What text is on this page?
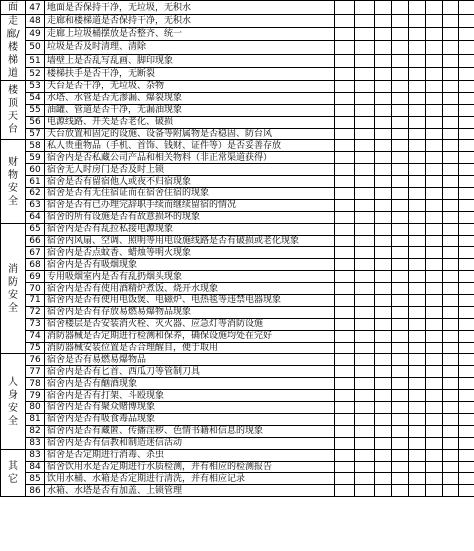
面	47	地面是否保持干净，无垃圾，无积水								
走廊/楼梯道	48	走廊和楼梯道是否保持干净，无积水								
	49	走廊上垃圾桶摆放是否整齐、统一								
	50	垃圾是否及时清理、清除								
	51	墙壁上是否乱写乱画、脚印现象								
	52	楼梯扶手是否干净，无断裂								
楼顶天台	53	天台是否干净，无垃圾、杂物								
	54	水塔、水管是否无渗漏、爆裂现象								
	55	油罐、管道是否干净，无漏油现象								
	56	电源线路、开关是否老化、破损								
	57	天台放置和固定的设施、设备等附属物是否稳固、防台风								
财物安全	58	私人贵重物品（手机、首饰、钱财、证件等）是否妥善存放								
	59	宿舍内是否私藏公司产品和相关物料（非正常渠道获得）								
	60	宿舍无人时房门是否及时上锁								
	61	宿舍是否有留宿他人或夜不归宿现象								
	62	宿舍是否有无住宿证而在宿舍住宿的现象								
	63	宿舍是否有已办理完辞职手续而继续留宿的情况								
	64	宿舍的所有设施是否有故意损坏的现象								
消防安全	65	宿舍内是否有乱拉私接电源现象								
	66	宿舍内风扇、空调、照明等用电设施线路是否有破损或老化现象								
	67	宿舍内是否点蚊香、蜡烛等明火现象								
	68	宿舍内是否有吸烟现象								
	69	专用吸烟室内是否有乱扔烟头现象								
	70	宿舍内是否有使用酒精炉煮饭、烧开水现象								
	71	宿舍内是否有使用电饭煲、电磁炉、电热毯等违禁电器现象								
	72	宿舍内是否有存放易燃易爆物品现象								
	73	宿舍楼层是否安装消火栓、灭火器、应急灯等消防设施								
	74	消防器械是否定期进行检测和保养，确保设施均处在完好								
	75	消防器械安装位置是否合理醒目，便于取用								
人身安全	76	宿舍是否有易燃易爆物品								
	77	宿舍内是否有匕首、西瓜刀等管制刀具								
	78	宿舍内是否有酗酒现象								
	79	宿舍内是否有打架、斗殴现象								
	80	宿舍内是否有聚众赌博现象								
	81	宿舍内是否有吸食毒品现象								
	82	宿舍内是否有藏匿、传播淫秽、色情书籍和信息的现象								
	83	宿舍内是否有信教和制造迷信活动								
其它	83	宿舍是否定期进行消毒、杀虫								
	84	宿舍饮用水是否定期进行水质检测，并有相应的检测报告								
	85	饮用水桶、水箱是否定期进行清洗，并有相应记录								
	86	水箱、水塔是否有加盖、上锁管理								
